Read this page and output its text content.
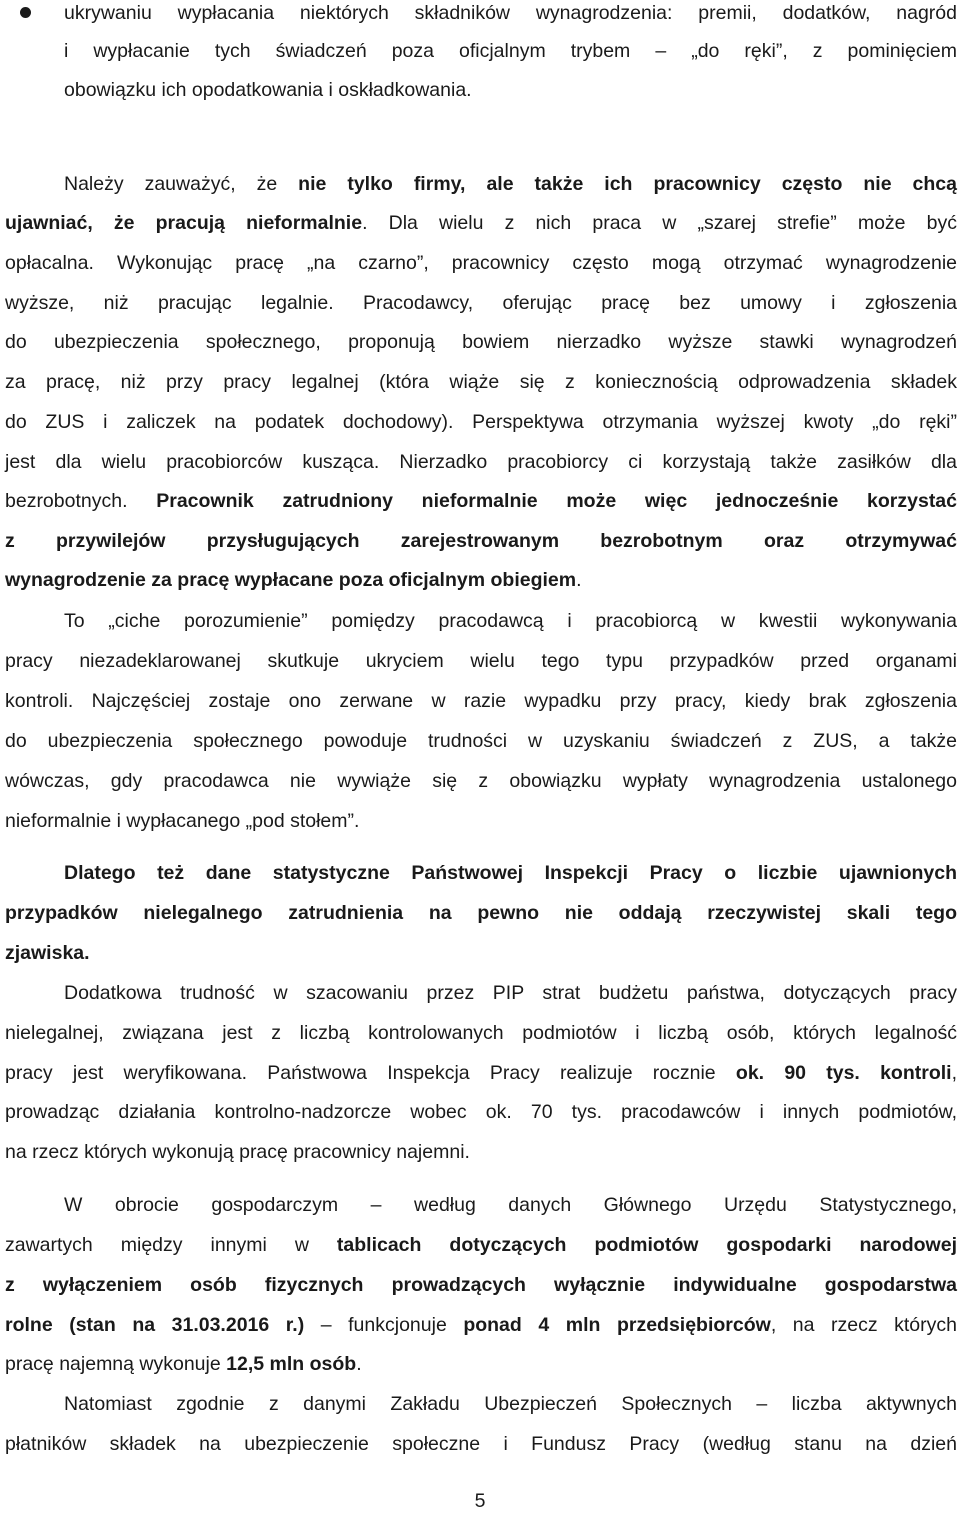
ukrywaniu wypłacania niektórych składników wynagrodzenia: premii, dodatków, nagród
i wypłacanie tych świadczeń poza oficjalnym trybem – „do ręki”, z pominięciem
obowiązku ich opodatkowania i oskładkowania.
Należy zauważyć, że nie tylko firmy, ale także ich pracownicy często nie chcą
ujawniać, że pracują nieformalnie. Dla wielu z nich praca w „szarej strefie” może być
opłacalna. Wykonując pracę „na czarno”, pracownicy często mogą otrzymać wynagrodzenie
wyższe, niż pracując legalnie. Pracodawcy, oferując pracę bez umowy i zgłoszenia
do ubezpieczenia społecznego, proponują bowiem nierzadko wyższe stawki wynagrodzeń
za pracę, niż przy pracy legalnej (która wiąże się z koniecznością odprowadzenia składek
do ZUS i zaliczek na podatek dochodowy). Perspektywa otrzymania wyższej kwoty „do ręki”
jest dla wielu pracobiorców kusząca. Nierzadko pracobiorcy ci korzystają także zasiłków dla
bezrobotnych. Pracownik zatrudniony nieformalnie może więc jednocześnie korzystać
z przywilejów przysługujących zarejestrowanym bezrobotnym oraz otrzymywać
wynagrodzenie za pracę wypłacane poza oficjalnym obiegiem.
To „ciche porozumienie” pomiędzy pracodawcą i pracobiorcą w kwestii wykonywania
pracy niezadeklarowanej skutkuje ukryciem wielu tego typu przypadków przed organami
kontroli. Najczęściej zostaje ono zerwane w razie wypadku przy pracy, kiedy brak zgłoszenia
do ubezpieczenia społecznego powoduje trudności w uzyskaniu świadczeń z ZUS, a także
wówczas, gdy pracodawca nie wywiąże się z obowiązku wypłaty wynagrodzenia ustalonego
nieformalnie i wypłacanego „pod stołem”.
Dlatego też dane statystyczne Państwowej Inspekcji Pracy o liczbie ujawnionych
przypadków nielegalnego zatrudnienia na pewno nie oddają rzeczywistej skali tego
zjawiska.
Dodatkowa trudność w szacowaniu przez PIP strat budżetu państwa, dotyczących pracy
nielegalnej, związana jest z liczbą kontrolowanych podmiotów i liczbą osób, których legalność
pracy jest weryfikowana. Państwowa Inspekcja Pracy realizuje rocznie ok. 90 tys. kontroli,
prowadząc działania kontrolno-nadzorcze wobec ok. 70 tys. pracodawców i innych podmiotów,
na rzecz których wykonują pracę pracownicy najemni.
W obrocie gospodarczym – według danych Głównego Urzędu Statystycznego,
zawartych między innymi w tablicach dotyczących podmiotów gospodarki narodowej
z wyłączeniem osób fizycznych prowadzących wyłącznie indywidualne gospodarstwa
rolne (stan na 31.03.2016 r.) – funkcjonuje ponad 4 mln przedsiębiorców, na rzecz których
pracę najemną wykonuje 12,5 mln osób.
Natomiast zgodnie z danymi Zakładu Ubezpieczeń Społecznych – liczba aktywnych
płatników składek na ubezpieczenie społeczne i Fundusz Pracy (według stanu na dzień
5
